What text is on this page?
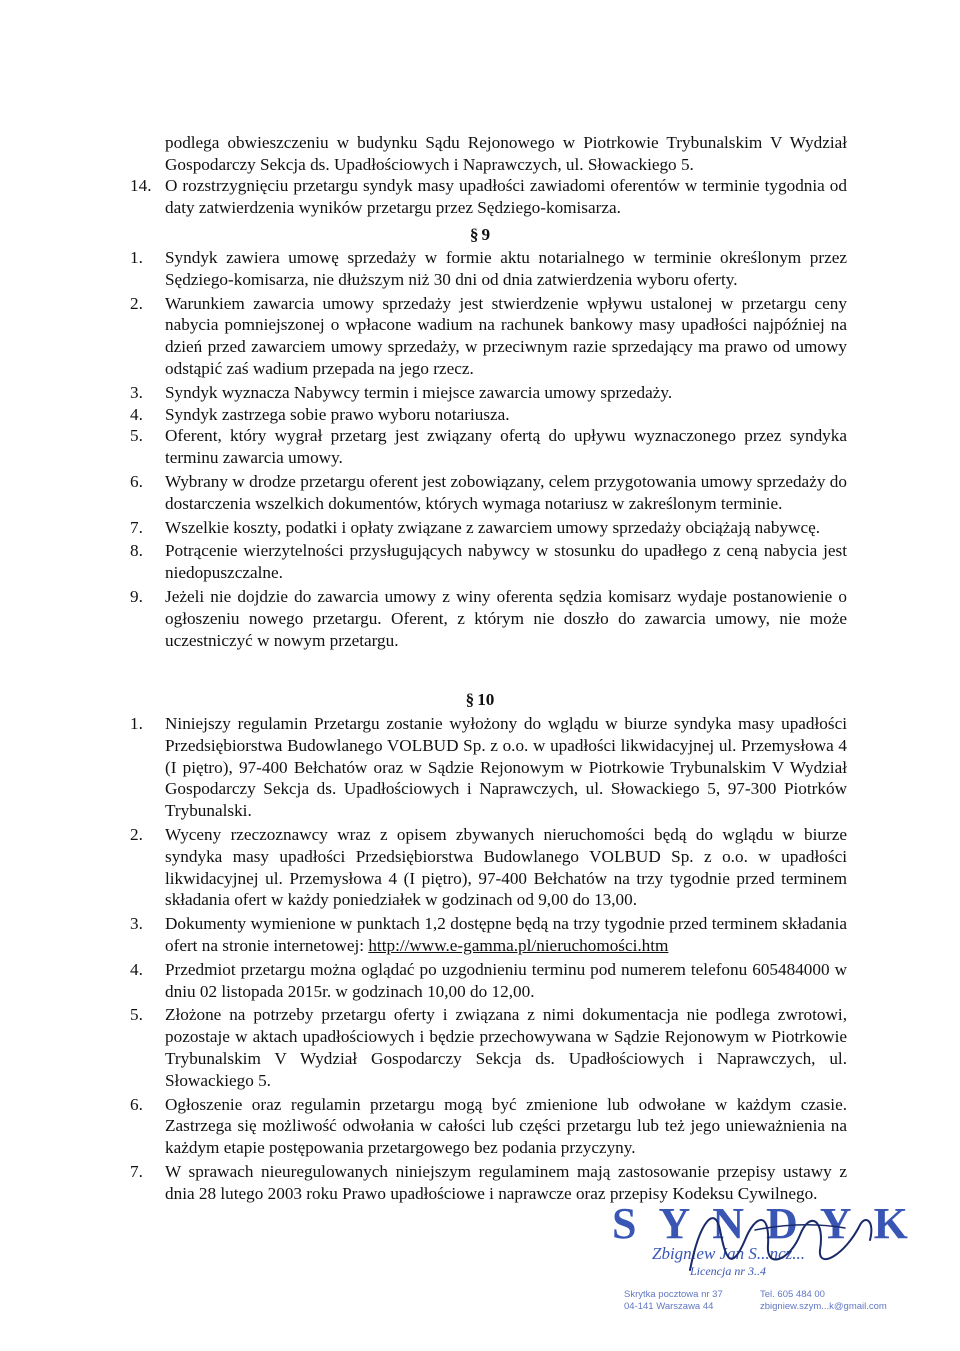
podlega obwieszczeniu w budynku Sądu Rejonowego w Piotrkowie Trybunalskim V Wydział Gospodarczy Sekcja ds. Upadłościowych i Naprawczych, ul. Słowackiego 5.
14. O rozstrzygnięciu przetargu syndyk masy upadłości zawiadomi oferentów w terminie tygodnia od daty zatwierdzenia wyników przetargu przez Sędziego-komisarza.
§ 9
1. Syndyk zawiera umowę sprzedaży w formie aktu notarialnego w terminie określonym przez Sędziego-komisarza, nie dłuższym niż 30 dni od dnia zatwierdzenia wyboru oferty.
2. Warunkiem zawarcia umowy sprzedaży jest stwierdzenie wpływu ustalonej w przetargu ceny nabycia pomniejszonej o wpłacone wadium na rachunek bankowy masy upadłości najpóźniej na dzień przed zawarciem umowy sprzedaży, w przeciwnym razie sprzedający ma prawo od umowy odstąpić zaś wadium przepada na jego rzecz.
3. Syndyk wyznacza Nabywcy termin i miejsce zawarcia umowy sprzedaży.
4. Syndyk zastrzega sobie prawo wyboru notariusza.
5. Oferent, który wygrał przetarg jest związany ofertą do upływu wyznaczonego przez syndyka terminu zawarcia umowy.
6. Wybrany w drodze przetargu oferent jest zobowiązany, celem przygotowania umowy sprzedaży do dostarczenia wszelkich dokumentów, których wymaga notariusz w zakreślonym terminie.
7. Wszelkie koszty, podatki i opłaty związane z zawarciem umowy sprzedaży obciążają nabywcę.
8. Potrącenie wierzytelności przysługujących nabywcy w stosunku do upadłego z ceną nabycia jest niedopuszczalne.
9. Jeżeli nie dojdzie do zawarcia umowy z winy oferenta sędzia komisarz wydaje postanowienie o ogłoszeniu nowego przetargu. Oferent, z którym nie doszło do zawarcia umowy, nie może uczestniczyć w nowym przetargu.
§ 10
1. Niniejszy regulamin Przetargu zostanie wyłożony do wglądu w biurze syndyka masy upadłości Przedsiębiorstwa Budowlanego VOLBUD Sp. z o.o. w upadłości likwidacyjnej ul. Przemysłowa 4 (I piętro), 97-400 Bełchatów oraz w Sądzie Rejonowym w Piotrkowie Trybunalskim V Wydział Gospodarczy Sekcja ds. Upadłościowych i Naprawczych, ul. Słowackiego 5, 97-300 Piotrków Trybunalski.
2. Wyceny rzeczoznawcy wraz z opisem zbywanych nieruchomości będą do wglądu w biurze syndyka masy upadłości Przedsiębiorstwa Budowlanego VOLBUD Sp. z o.o. w upadłości likwidacyjnej ul. Przemysłowa 4 (I piętro), 97-400 Bełchatów na trzy tygodnie przed terminem składania ofert w każdy poniedziałek w godzinach od 9,00 do 13,00.
3. Dokumenty wymienione w punktach 1,2 dostępne będą na trzy tygodnie przed terminem składania ofert na stronie internetowej: http://www.e-gamma.pl/nieruchomości.htm
4. Przedmiot przetargu można oglądać po uzgodnieniu terminu pod numerem telefonu 605484000 w dniu 02 listopada 2015r. w godzinach 10,00 do 12,00.
5. Złożone na potrzeby przetargu oferty i związana z nimi dokumentacja nie podlega zwrotowi, pozostaje w aktach upadłościowych i będzie przechowywana w Sądzie Rejonowym w Piotrkowie Trybunalskim V Wydział Gospodarczy Sekcja ds. Upadłościowych i Naprawczych, ul. Słowackiego 5.
6. Ogłoszenie oraz regulamin przetargu mogą być zmienione lub odwołane w każdym czasie. Zastrzega się możliwość odwołania w całości lub części przetargu lub też jego unieważnienia na każdym etapie postępowania przetargowego bez podania przyczyny.
7. W sprawach nieuregulowanych niniejszym regulaminem mają zastosowanie przepisy ustawy z dnia 28 lutego 2003 roku Prawo upadłościowe i naprawcze oraz przepisy Kodeksu Cywilnego.
SYNDYK
Zbigniew Jan S...ncz...
Licencja nr 3..4
Skrytka pocztowa nr 37
04-141 Warszawa 44
Tel. 605 484 00
zbigniew.szym...k@gmail.com
